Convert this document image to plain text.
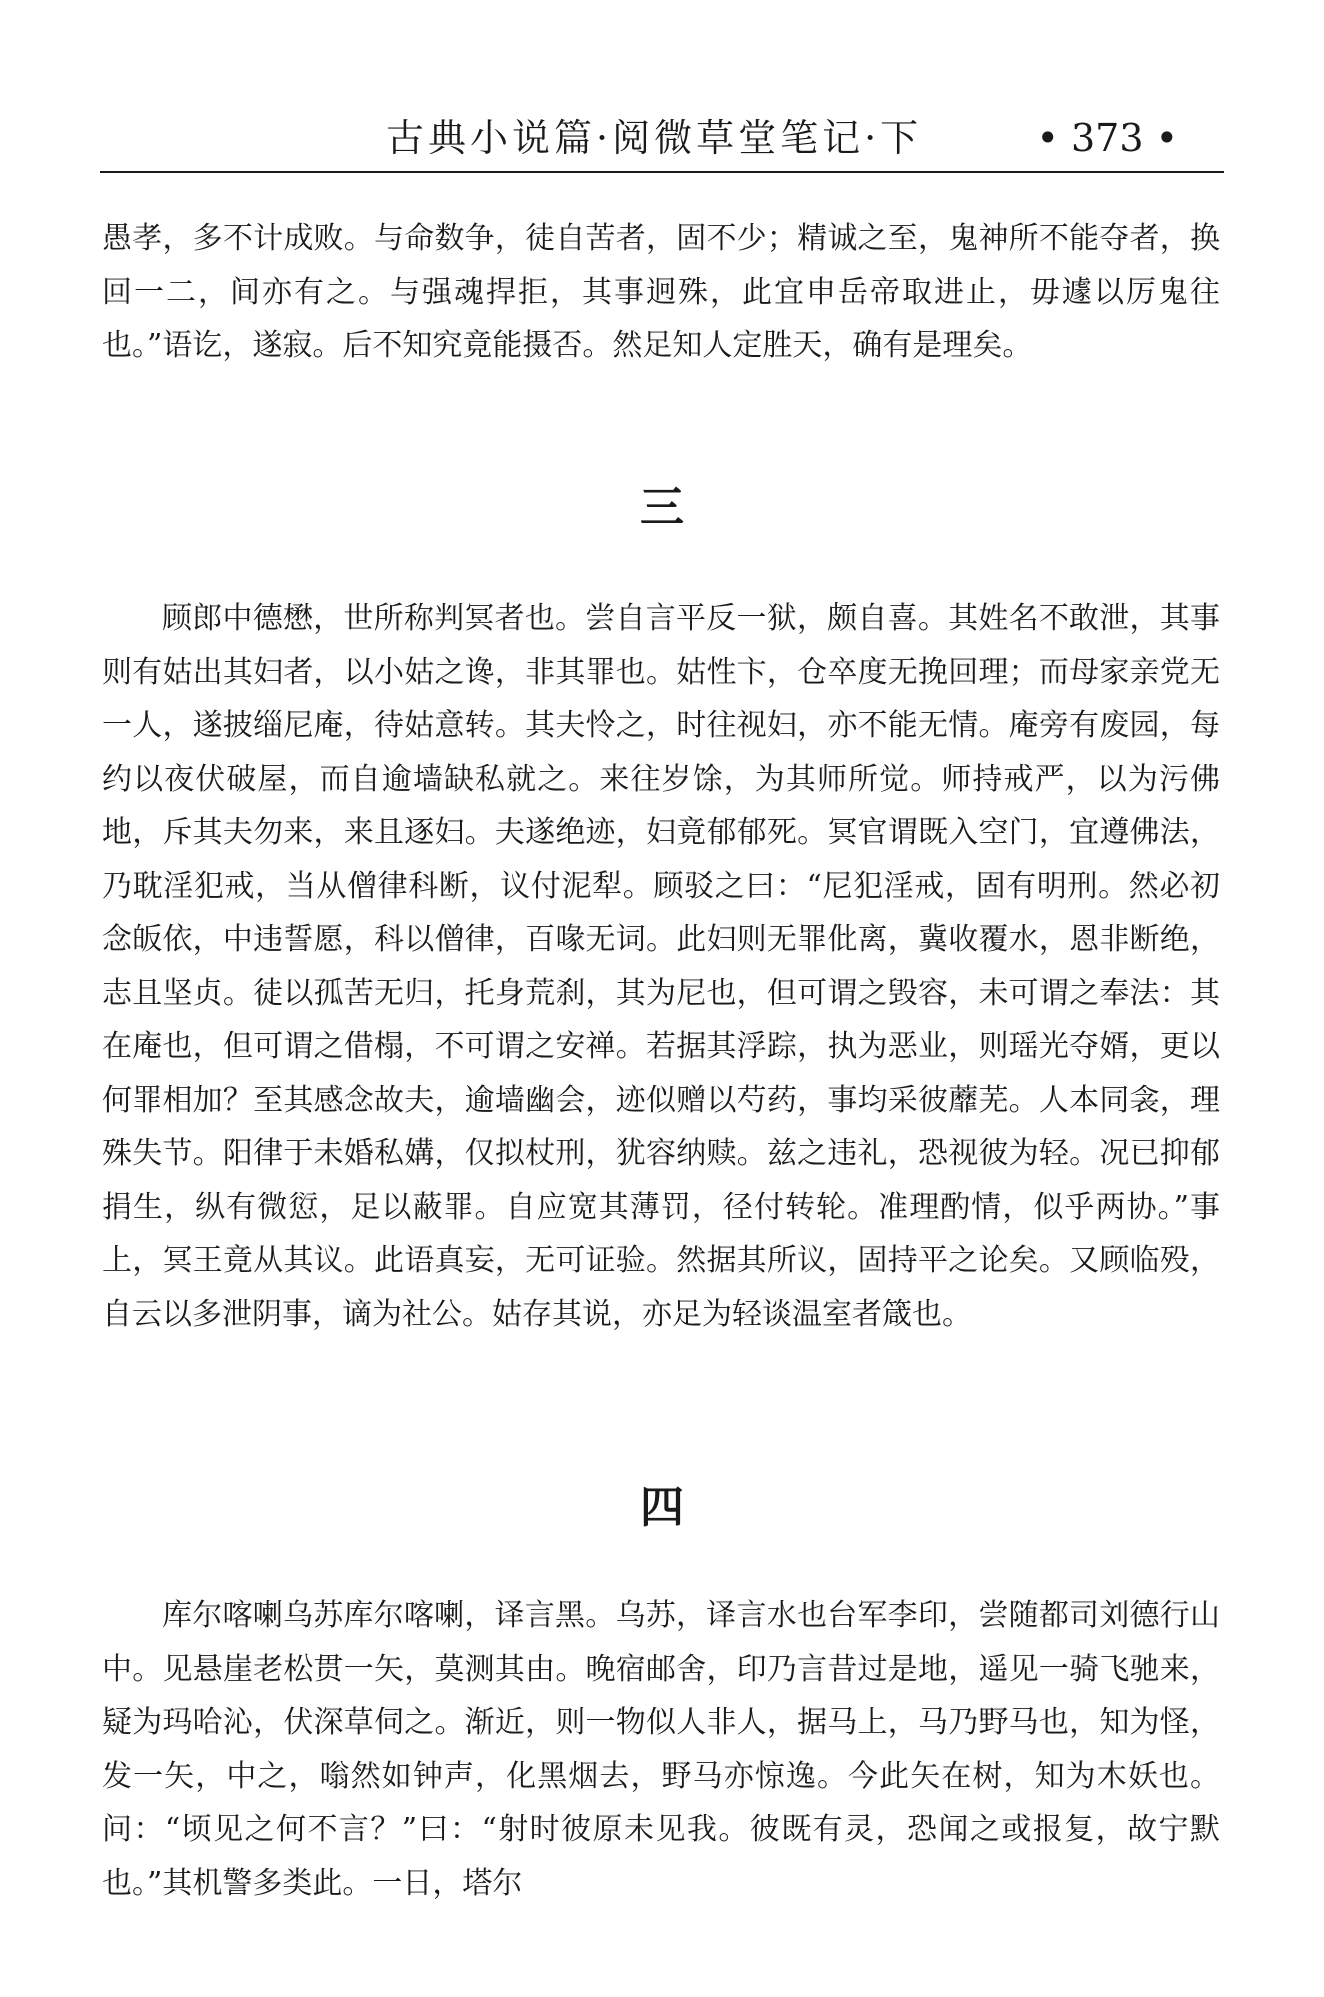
古典小说篇·阅微草堂笔记·下	• 373 •

愚孝，多不计成败。与命数争，徒自苦者，固不少；精诚之至，鬼神所不能夺者，换回一二，间亦有之。与强魂捍拒，其事迥殊，此宜申岳帝取进止，毋遽以厉鬼往也。”语讫，遂寂。后不知究竟能摄否。然足知人定胜天，确有是理矣。

三

顾郎中德懋，世所称判冥者也。尝自言平反一狱，颇自喜。其姓名不敢泄，其事则有姑出其妇者，以小姑之谗，非其罪也。姑性卞，仓卒度无挽回理；而母家亲党无一人，遂披缁尼庵，待姑意转。其夫怜之，时往视妇，亦不能无情。庵旁有废园，每约以夜伏破屋，而自逾墙缺私就之。来往岁馀，为其师所觉。师持戒严，以为污佛地，斥其夫勿来，来且逐妇。夫遂绝迹，妇竟郁郁死。冥官谓既入空门，宜遵佛法，乃耽淫犯戒，当从僧律科断，议付泥犁。顾驳之曰：“尼犯淫戒，固有明刑。然必初念皈依，中违誓愿，科以僧律，百喙无词。此妇则无罪仳离，冀收覆水，恩非断绝，志且坚贞。徒以孤苦无归，托身荒刹，其为尼也，但可谓之毁容，未可谓之奉法：其在庵也，但可谓之借榻，不可谓之安禅。若据其浮踪，执为恶业，则瑶光夺婿，更以何罪相加？至其感念故夫，逾墙幽会，迹似赠以芍药，事均采彼蘼芜。人本同衾，理殊失节。阳律于未婚私媾，仅拟杖刑，犹容纳赎。兹之违礼，恐视彼为轻。况已抑郁捐生，纵有微愆，足以蔽罪。自应宽其薄罚，径付转轮。准理酌情，似乎两协。”事上，冥王竟从其议。此语真妄，无可证验。然据其所议，固持平之论矣。又顾临殁，自云以多泄阴事，谪为社公。姑存其说，亦足为轻谈温室者箴也。

四

库尔喀喇乌苏库尔喀喇，译言黑。乌苏，译言水也台军李印，尝随都司刘德行山中。见悬崖老松贯一矢，莫测其由。晚宿邮舍，印乃言昔过是地，遥见一骑飞驰来，疑为玛哈沁，伏深草伺之。渐近，则一物似人非人，据马上，马乃野马也，知为怪，发一矢，中之，嗡然如钟声，化黑烟去，野马亦惊逸。今此矢在树，知为木妖也。问：“顷见之何不言？”曰：“射时彼原未见我。彼既有灵，恐闻之或报复，故宁默也。”其机警多类此。一日，塔尔
